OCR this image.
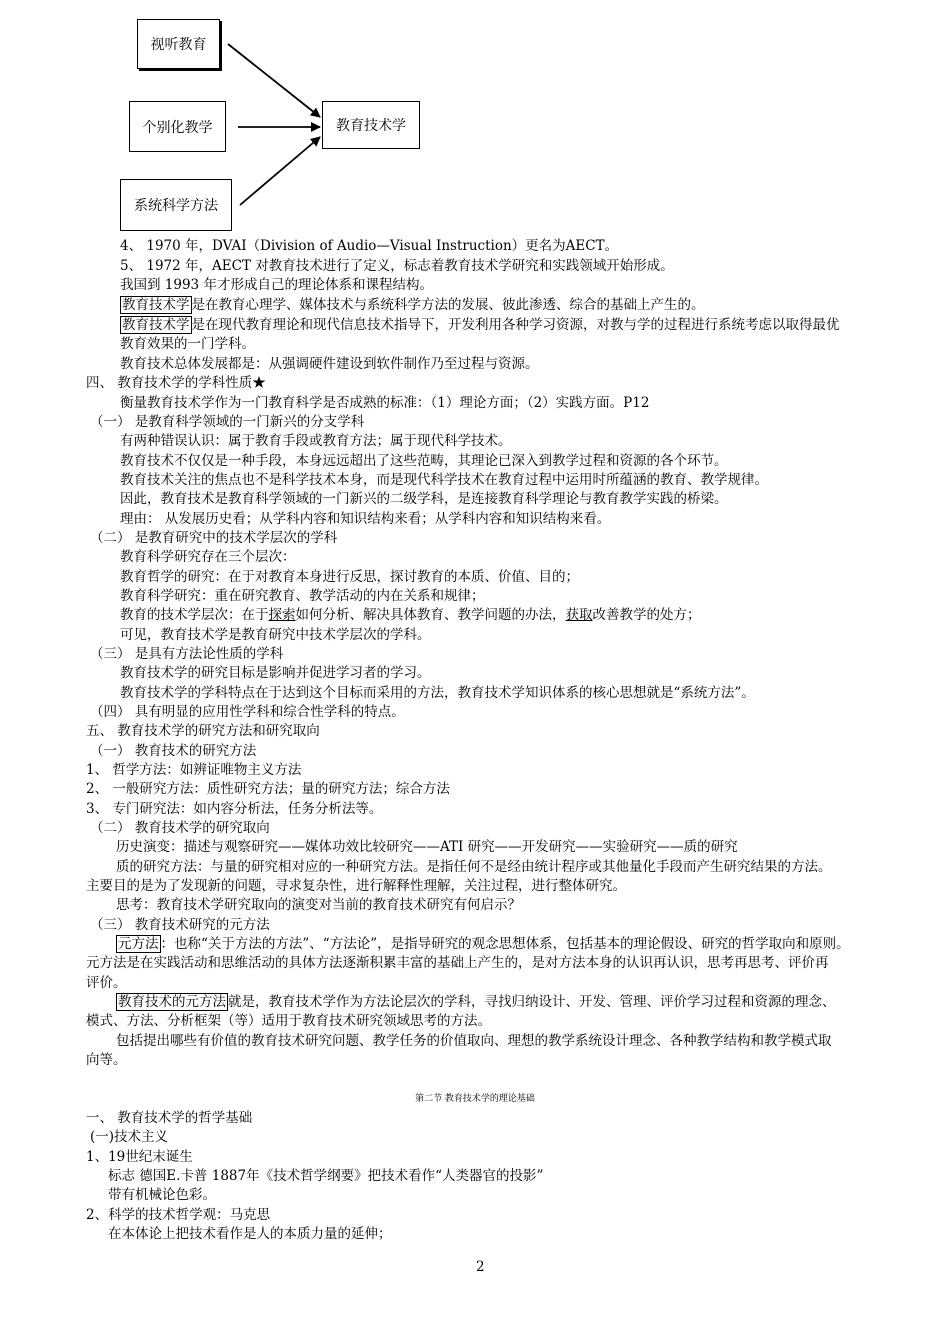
视听教育
个别化教学
系统科学方法
教育技术学
4、 1970 年，DVAI（Division of Audio—Visual Instruction）更名为AECT。
5、 1972 年，AECT 对教育技术进行了定义，标志着教育技术学研究和实践领域开始形成。
我国到 1993 年才形成自己的理论体系和课程结构。
教育技术学 是在教育心理学、媒体技术与系统科学方法的发展、彼此渗透、综合的基础上产生的。
教育技术学 是在现代教育理论和现代信息技术指导下，开发利用各种学习资源，对教与学的过程进行系统考虑以取得最优
教育效果的一门学科。
教育技术总体发展都是：从强调硬件建设到软件制作乃至过程与资源。
四、 教育技术学的学科性质★
衡量教育技术学作为一门教育科学是否成熟的标准：（1）理论方面；（2）实践方面。P12
（一） 是教育科学领域的一门新兴的分支学科
有两种错误认识：属于教育手段或教育方法；属于现代科学技术。
教育技术不仅仅是一种手段，本身远远超出了这些范畴，其理论已深入到教学过程和资源的各个环节。
教育技术关注的焦点也不是科学技术本身，而是现代科学技术在教育过程中运用时所蕴涵的教育、教学规律。
因此，教育技术是教育科学领域的一门新兴的二级学科，是连接教育科学理论与教育教学实践的桥梁。
理由： 从发展历史看；从学科内容和知识结构来看；从学科内容和知识结构来看。
（二） 是教育研究中的技术学层次的学科
教育科学研究存在三个层次：
教育哲学的研究：在于对教育本身进行反思，探讨教育的本质、价值、目的；
教育科学研究：重在研究教育、教学活动的内在关系和规律；
教育的技术学层次：在于探索如何分析、解决具体教育、教学问题的办法，获取改善教学的处方；
可见，教育技术学是教育研究中技术学层次的学科。
（三） 是具有方法论性质的学科
教育技术学的研究目标是影响并促进学习者的学习。
教育技术学的学科特点在于达到这个目标而采用的方法，教育技术学知识体系的核心思想就是“系统方法”。
（四） 具有明显的应用性学科和综合性学科的特点。
五、 教育技术学的研究方法和研究取向
（一） 教育技术的研究方法
1、 哲学方法：如辨证唯物主义方法
2、 一般研究方法：质性研究方法；量的研究方法；综合方法
3、 专门研究法：如内容分析法，任务分析法等。
（二） 教育技术学的研究取向
历史演变：描述与观察研究——媒体功效比较研究——ATI 研究——开发研究——实验研究——质的研究
质的研究方法：与量的研究相对应的一种研究方法。是指任何不是经由统计程序或其他量化手段而产生研究结果的方法。
主要目的是为了发现新的问题，寻求复杂性，进行解释性理解，关注过程，进行整体研究。
思考：教育技术学研究取向的演变对当前的教育技术研究有何启示？
（三） 教育技术研究的元方法
元方法 ：也称“关于方法的方法”、“方法论”，是指导研究的观念思想体系，包括基本的理论假设、研究的哲学取向和原则。
元方法是在实践活动和思维活动的具体方法逐渐积累丰富的基础上产生的，是对方法本身的认识再认识，思考再思考、评价再
评价。
教育技术的元方法 就是，教育技术学作为方法论层次的学科，寻找归纳设计、开发、管理、评价学习过程和资源的理念、
模式、方法、分析框架（等）适用于教育技术研究领域思考的方法。
包括提出哪些有价值的教育技术研究问题、教学任务的价值取向、理想的教学系统设计理念、各种教学结构和教学模式取
向等。
第二节 教育技术学的理论基础
一、 教育技术学的哲学基础
(一)技术主义
1、19世纪末诞生
标志 德国E.卡普 1887年《技术哲学纲要》把技术看作“人类器官的投影”
带有机械论色彩。
2、科学的技术哲学观：马克思
在本体论上把技术看作是人的本质力量的延伸；
2
